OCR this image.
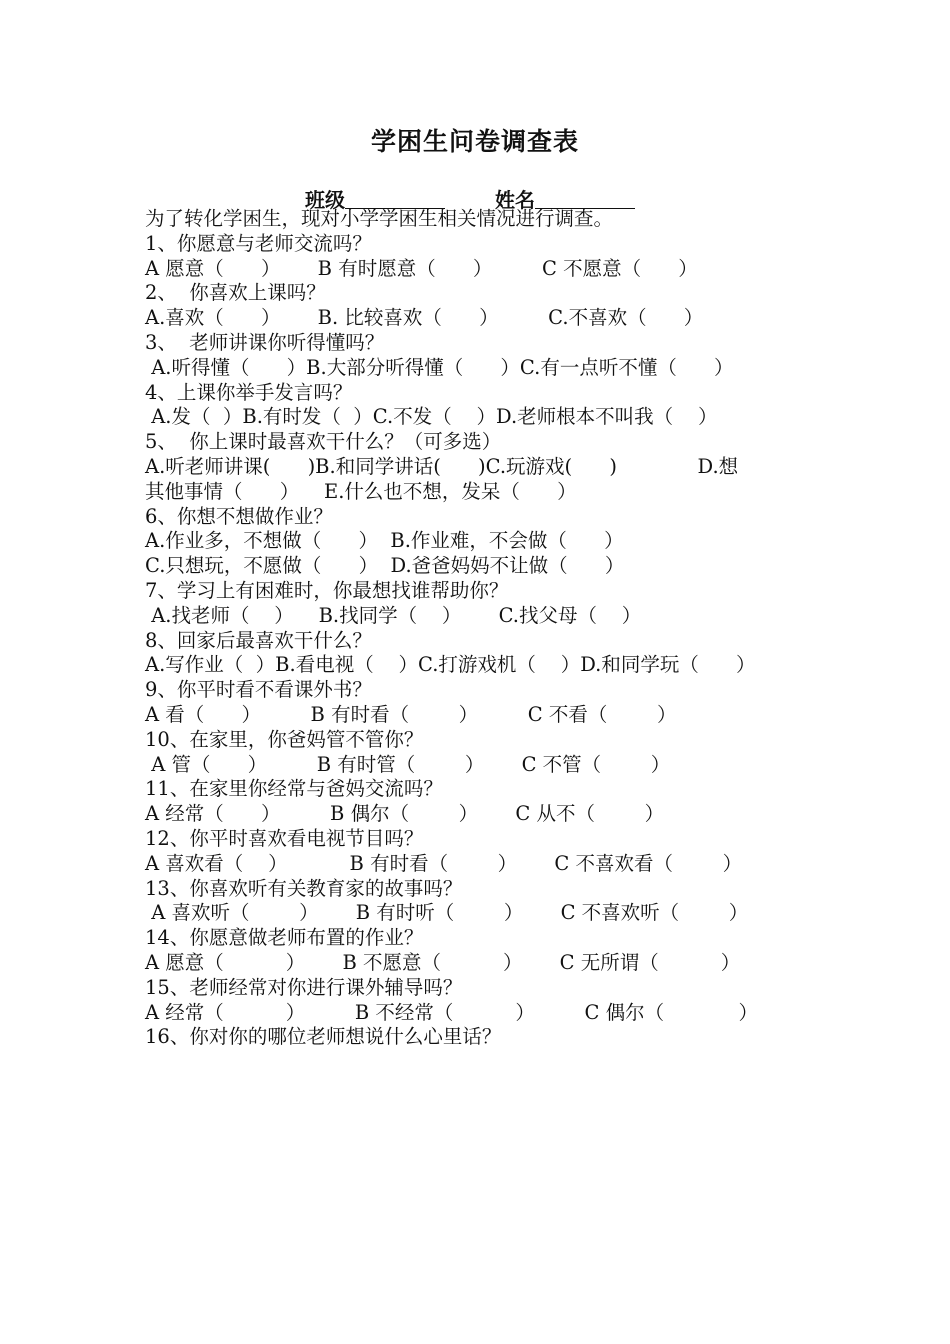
学困生问卷调查表
班级	姓名
为了转化学困生，现对小学学困生相关情况进行调查。
1、你愿意与老师交流吗？
A 愿意（      ）      B 有时愿意（      ）        C 不愿意（      ）
2、  你喜欢上课吗？
A.喜欢（      ）      B. 比较喜欢（      ）        C.不喜欢（      ）
3、  老师讲课你听得懂吗？
A.听得懂（      ）B.大部分听得懂（      ）C.有一点听不懂（      ）
4、上课你举手发言吗？
A.发（  ）B.有时发（  ）C.不发（    ）D.老师根本不叫我（    ）
5、  你上课时最喜欢干什么？（可多选）
A.听老师讲课(      )B.和同学讲话(      )C.玩游戏(      )             D.想
其他事情（      ）    E.什么也不想，发呆（      ）
6、你想不想做作业？
A.作业多，不想做（      ）  B.作业难，不会做（      ）
C.只想玩，不愿做（      ）  D.爸爸妈妈不让做（      ）
7、学习上有困难时，你最想找谁帮助你？
A.找老师（    ）    B.找同学（    ）      C.找父母（    ）
8、回家后最喜欢干什么？
A.写作业（  ）B.看电视（    ）C.打游戏机（    ）D.和同学玩（      ）
9、你平时看不看课外书？
A 看（      ）        B 有时看（        ）        C 不看（        ）
10、在家里，你爸妈管不管你？
A 管（      ）        B 有时管（        ）      C 不管（        ）
11、在家里你经常与爸妈交流吗？
A 经常（      ）        B 偶尔（        ）      C 从不（        ）
12、你平时喜欢看电视节目吗？
A 喜欢看（    ）          B 有时看（        ）      C 不喜欢看（        ）
13、你喜欢听有关教育家的故事吗？
A 喜欢听（        ）      B 有时听（        ）      C 不喜欢听（        ）
14、你愿意做老师布置的作业？
A 愿意（          ）      B 不愿意（          ）      C 无所谓（          ）
15、老师经常对你进行课外辅导吗？
A 经常（          ）        B 不经常（          ）        C 偶尔（            ）
16、你对你的哪位老师想说什么心里话？
